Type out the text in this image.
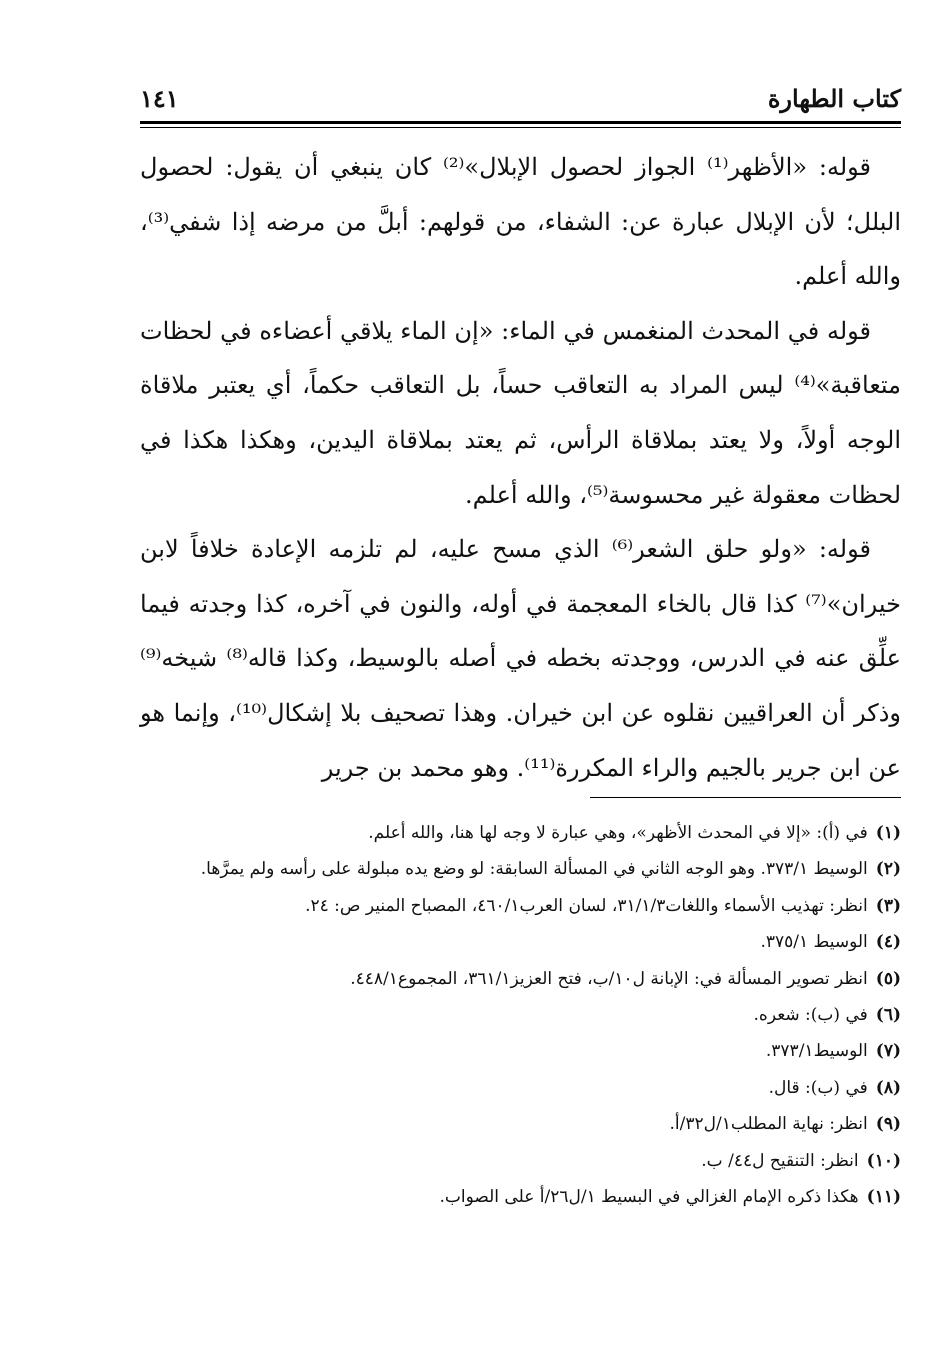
كتاب الطهارة
١٤١

قوله: «الأظهر⁽¹⁾ الجواز لحصول الإبلال»⁽²⁾ كان ينبغي أن يقول: لحصول البلل؛ لأن الإبلال عبارة عن: الشفاء، من قولهم: أبلَّ من مرضه إذا شفي⁽³⁾، والله أعلم.

قوله في المحدث المنغمس في الماء: «إن الماء يلاقي أعضاءه في لحظات متعاقبة»⁽⁴⁾ ليس المراد به التعاقب حساً، بل التعاقب حكماً، أي يعتبر ملاقاة الوجه أولاً، ولا يعتد بملاقاة الرأس، ثم يعتد بملاقاة اليدين، وهكذا هكذا في لحظات معقولة غير محسوسة⁽⁵⁾، والله أعلم.

قوله: «ولو حلق الشعر⁽⁶⁾ الذي مسح عليه، لم تلزمه الإعادة خلافاً لابن خيران»⁽⁷⁾ كذا قال بالخاء المعجمة في أوله، والنون في آخره، كذا وجدته فيما علِّق عنه في الدرس، ووجدته بخطه في أصله بالوسيط، وكذا قاله⁽⁸⁾ شيخه⁽⁹⁾ وذكر أن العراقيين نقلوه عن ابن خيران. وهذا تصحيف بلا إشكال⁽¹⁰⁾، وإنما هو عن ابن جرير بالجيم والراء المكررة⁽¹¹⁾. وهو محمد بن جرير

(١)في (أ): «إلا في المحدث الأظهر»، وهي عبارة لا وجه لها هنا، والله أعلم.
(٢)الوسيط ٣٧٣/١. وهو الوجه الثاني في المسألة السابقة: لو وضع يده مبلولة على رأسه ولم يمرَّها.
(٣)انظر: تهذيب الأسماء واللغات٣١/١/٣، لسان العرب٤٦٠/١، المصباح المنير ص: ٢٤.
(٤)الوسيط ٣٧٥/١.
(٥)انظر تصوير المسألة في: الإبانة ل١٠/ب، فتح العزيز٣٦١/١، المجموع٤٤٨/١.
(٦)في (ب): شعره.
(٧)الوسيط٣٧٣/١.
(٨)في (ب): قال.
(٩)انظر: نهاية المطلب١/ل٣٢/أ.
(١٠)انظر: التنقيح ل٤٤/ ب.
(١١)هكذا ذكره الإمام الغزالي في البسيط ١/ل٢٦/أ على الصواب.
